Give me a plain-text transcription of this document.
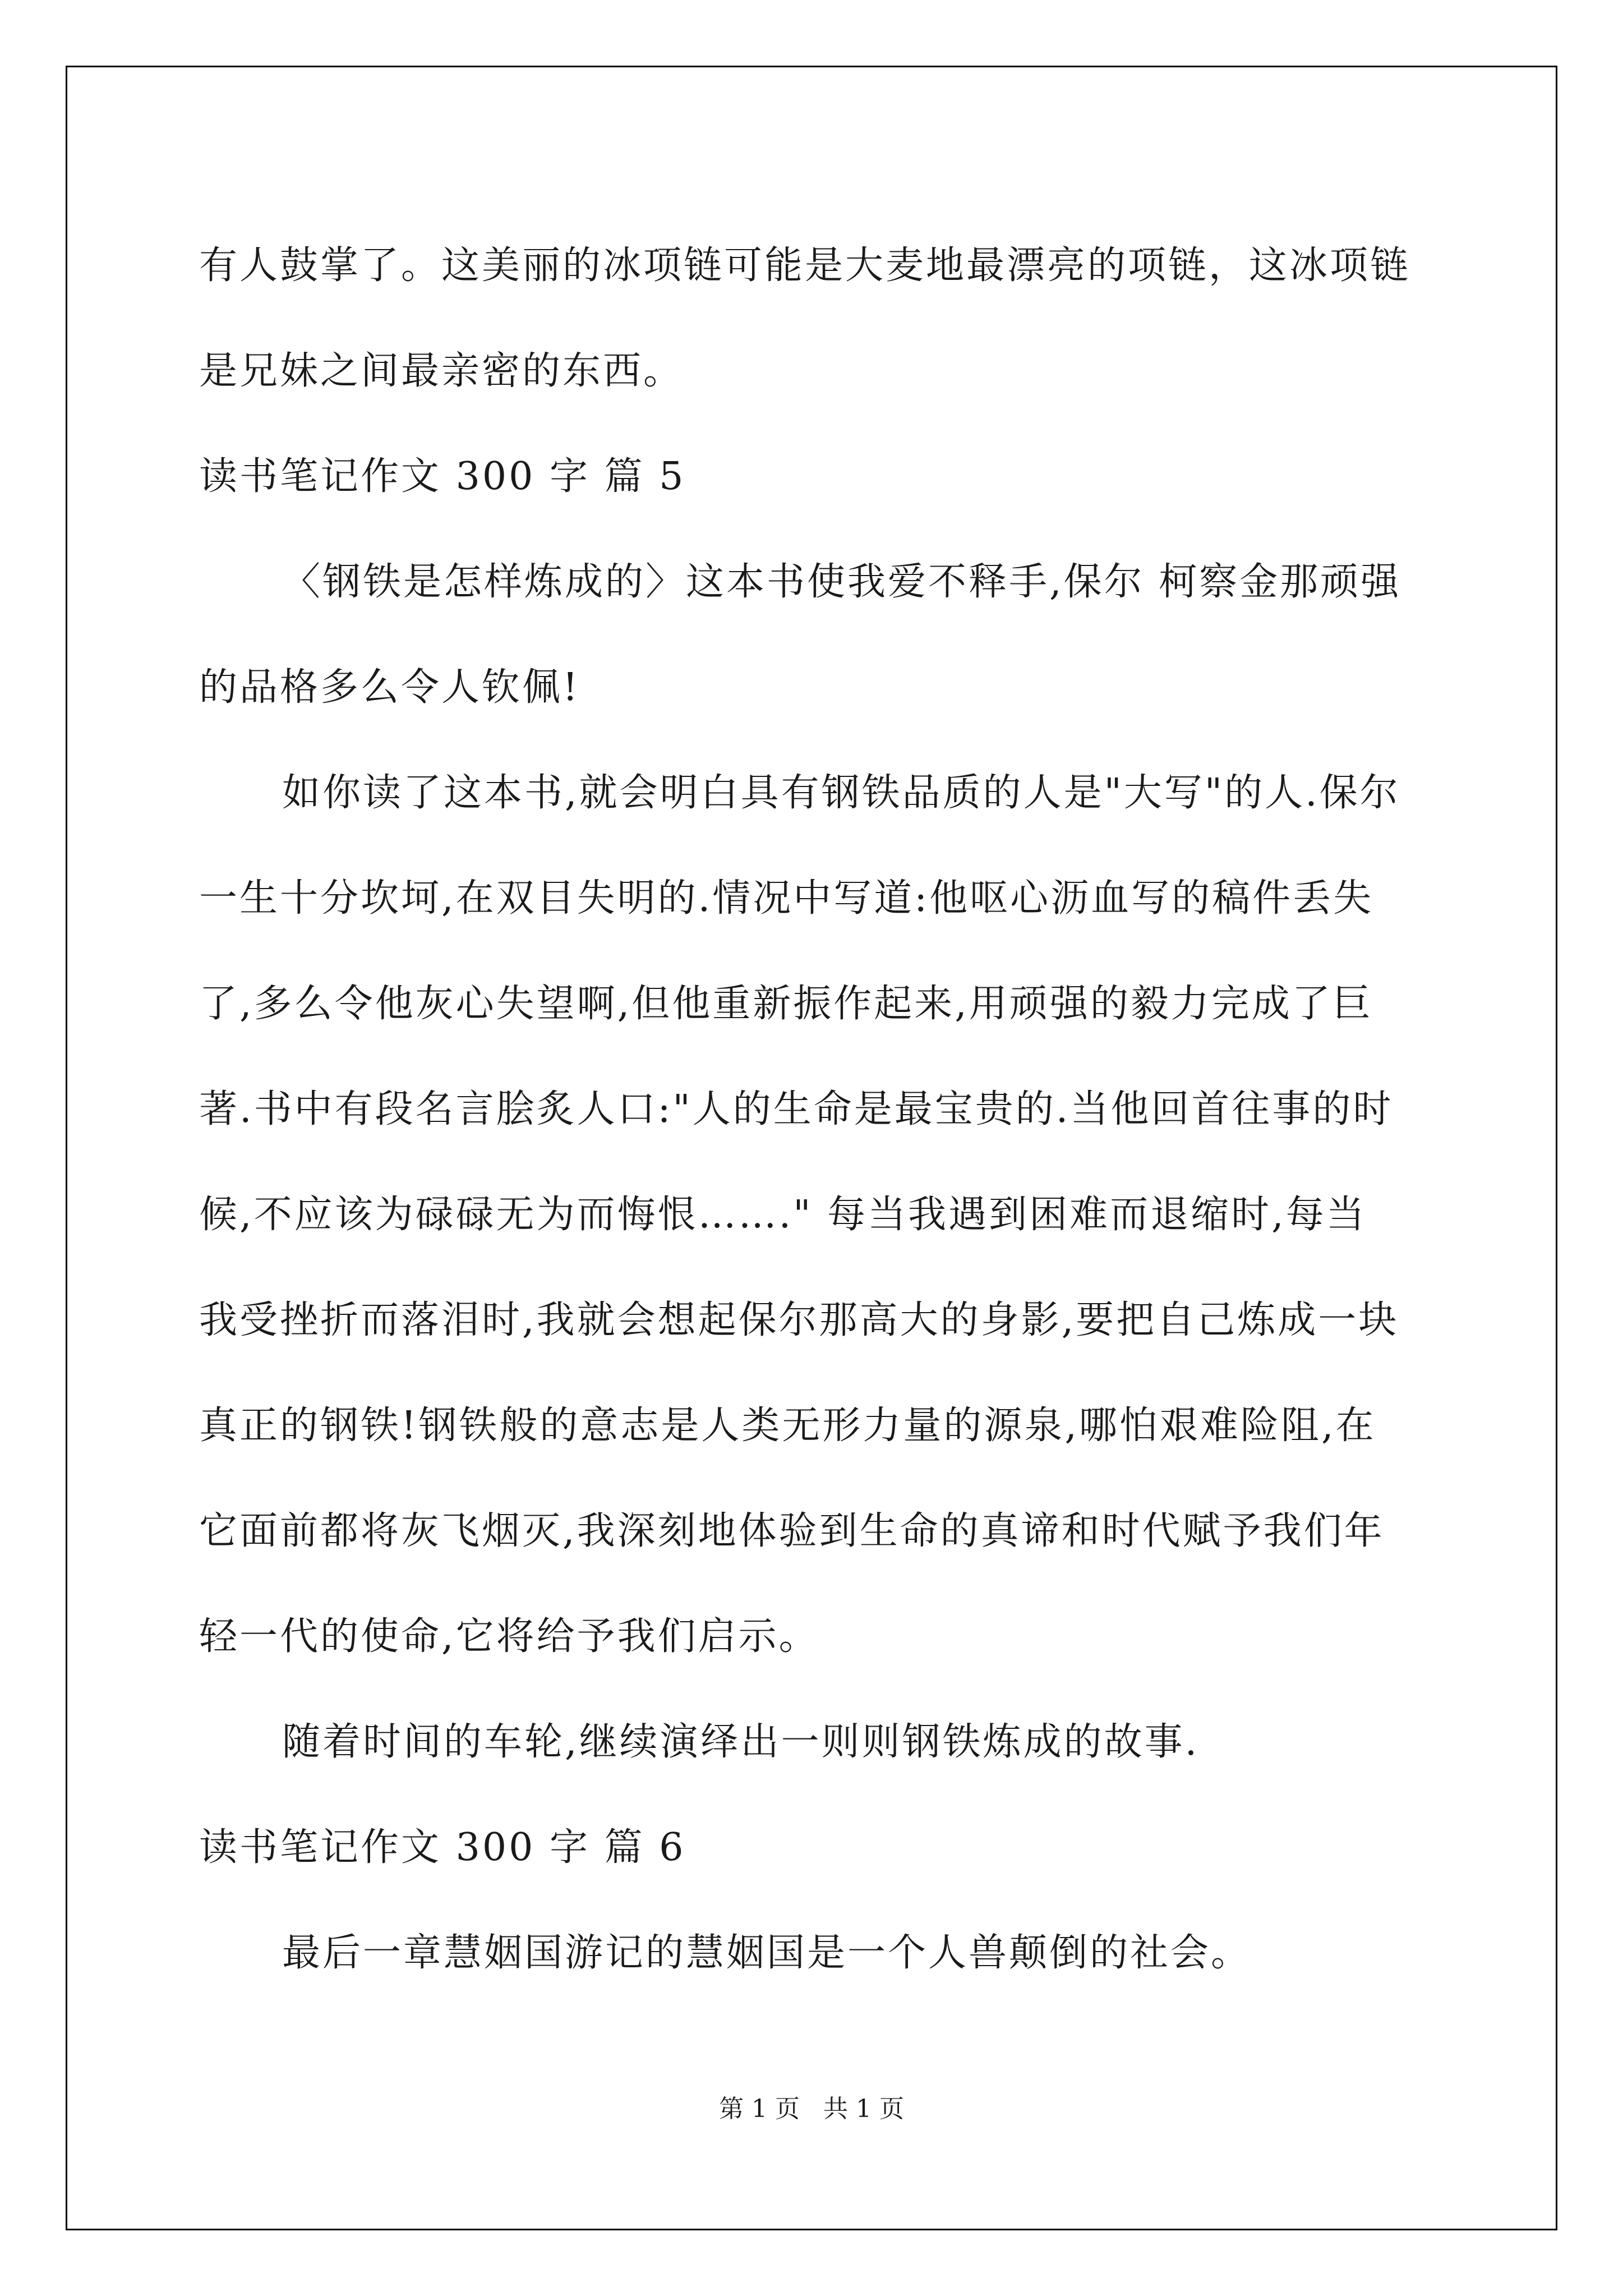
有人鼓掌了。这美丽的冰项链可能是大麦地最漂亮的项链，这冰项链
是兄妹之间最亲密的东西。
读书笔记作文 300 字 篇 5
〈钢铁是怎样炼成的〉这本书使我爱不释手,保尔 柯察金那顽强
的品格多么令人钦佩!
如你读了这本书,就会明白具有钢铁品质的人是"大写"的人.保尔
一生十分坎坷,在双目失明的.情况中写道:他呕心沥血写的稿件丢失
了,多么令他灰心失望啊,但他重新振作起来,用顽强的毅力完成了巨
著.书中有段名言脍炙人口:"人的生命是最宝贵的.当他回首往事的时
候,不应该为碌碌无为而悔恨……." 每当我遇到困难而退缩时,每当
我受挫折而落泪时,我就会想起保尔那高大的身影,要把自己炼成一块
真正的钢铁!钢铁般的意志是人类无形力量的源泉,哪怕艰难险阻,在
它面前都将灰飞烟灭,我深刻地体验到生命的真谛和时代赋予我们年
轻一代的使命,它将给予我们启示。
随着时间的车轮,继续演绎出一则则钢铁炼成的故事.
读书笔记作文 300 字 篇 6
最后一章慧姻国游记的慧姻国是一个人兽颠倒的社会。
第 1 页   共 1 页
